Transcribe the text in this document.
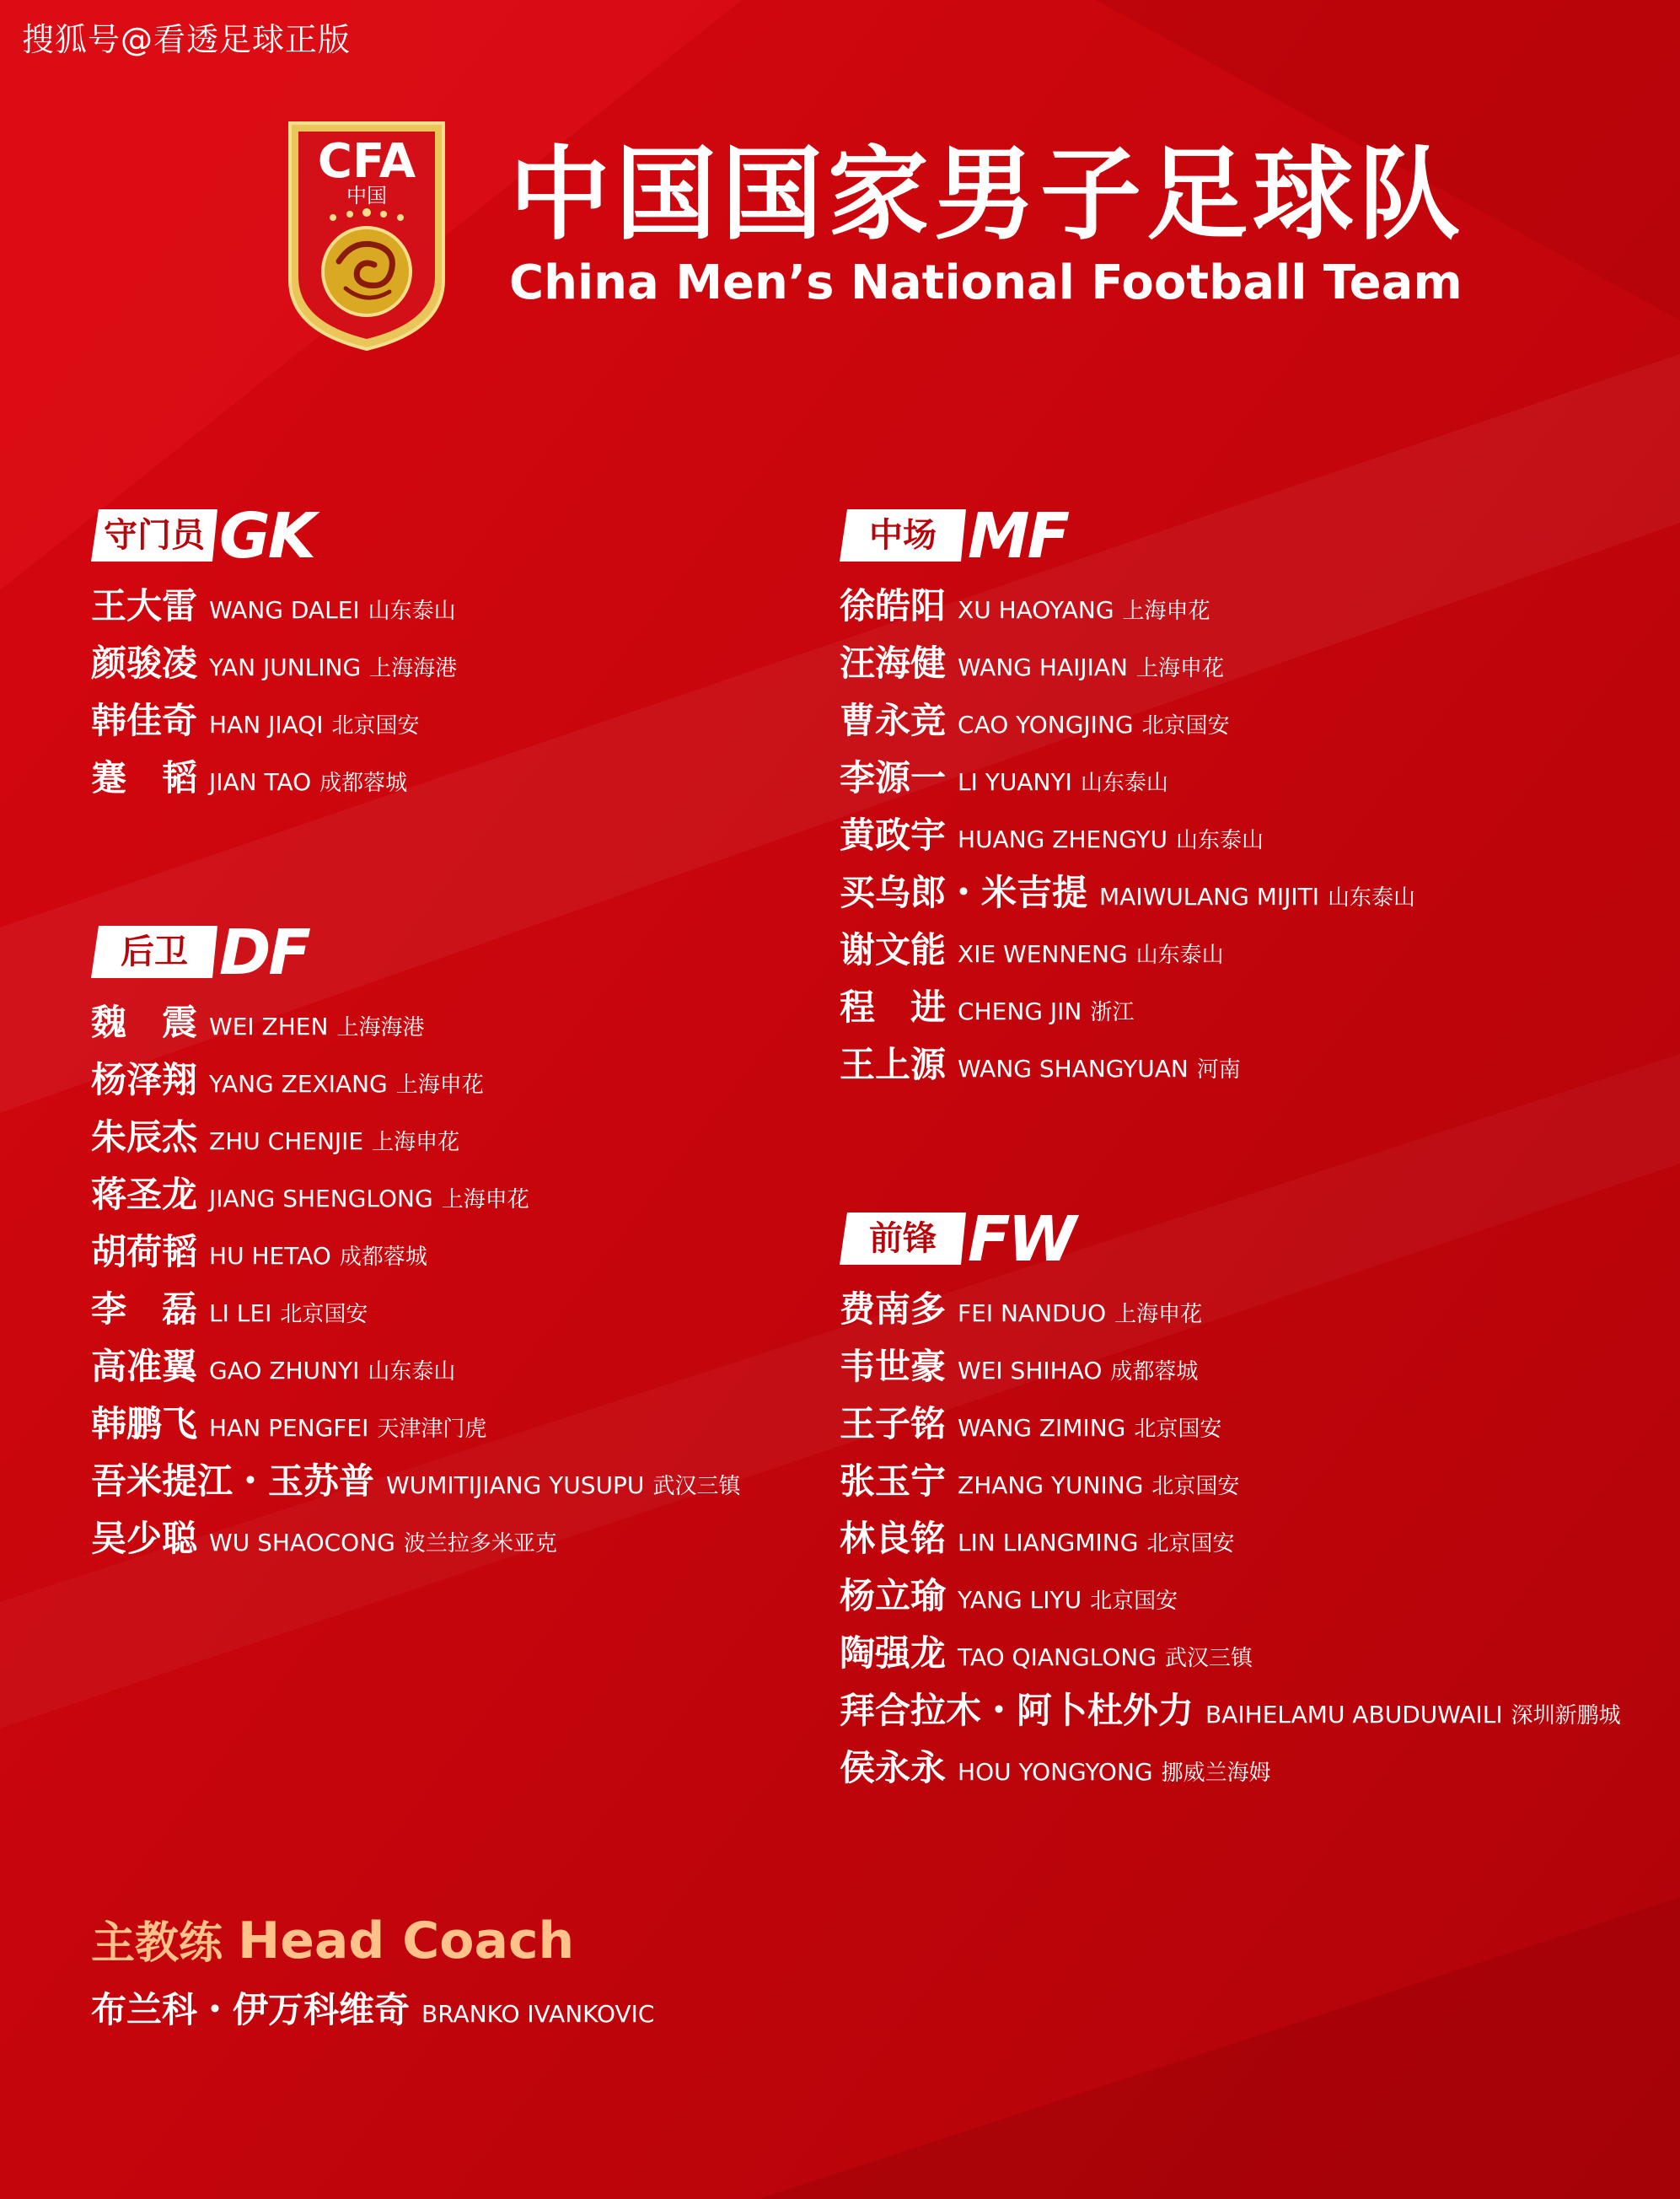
搜狐号@看透足球正版
CFA
中国 中国国家男子足球队
China Men’s National Football Team
守门员 GK
王大雷 WANG DALEI 山东泰山
颜骏凌 YAN JUNLING 上海海港
韩佳奇 HAN JIAQI 北京国安
蹇　韬 JIAN TAO 成都蓉城
后卫 DF
魏　震 WEI ZHEN 上海海港
杨泽翔 YANG ZEXIANG 上海申花
朱辰杰 ZHU CHENJIE 上海申花
蒋圣龙 JIANG SHENGLONG 上海申花
胡荷韬 HU HETAO 成都蓉城
李　磊 LI LEI 北京国安
高准翼 GAO ZHUNYI 山东泰山
韩鹏飞 HAN PENGFEI 天津津门虎
吾米提江・玉苏普 WUMITIJIANG YUSUPU 武汉三镇
吴少聪 WU SHAOCONG 波兰拉多米亚克
中场 MF
徐皓阳 XU HAOYANG 上海申花
汪海健 WANG HAIJIAN 上海申花
曹永竞 CAO YONGJING 北京国安
李源一 LI YUANYI 山东泰山
黄政宇 HUANG ZHENGYU 山东泰山
买乌郎・米吉提 MAIWULANG MIJITI 山东泰山
谢文能 XIE WENNENG 山东泰山
程　进 CHENG JIN 浙江
王上源 WANG SHANGYUAN 河南
前锋 FW
费南多 FEI NANDUO 上海申花
韦世豪 WEI SHIHAO 成都蓉城
王子铭 WANG ZIMING 北京国安
张玉宁 ZHANG YUNING 北京国安
林良铭 LIN LIANGMING 北京国安
杨立瑜 YANG LIYU 北京国安
陶强龙 TAO QIANGLONG 武汉三镇
拜合拉木・阿卜杜外力 BAIHELAMU ABUDUWAILI 深圳新鹏城
侯永永 HOU YONGYONG 挪威兰海姆
主教练 Head Coach
布兰科・伊万科维奇 BRANKO IVANKOVIC
